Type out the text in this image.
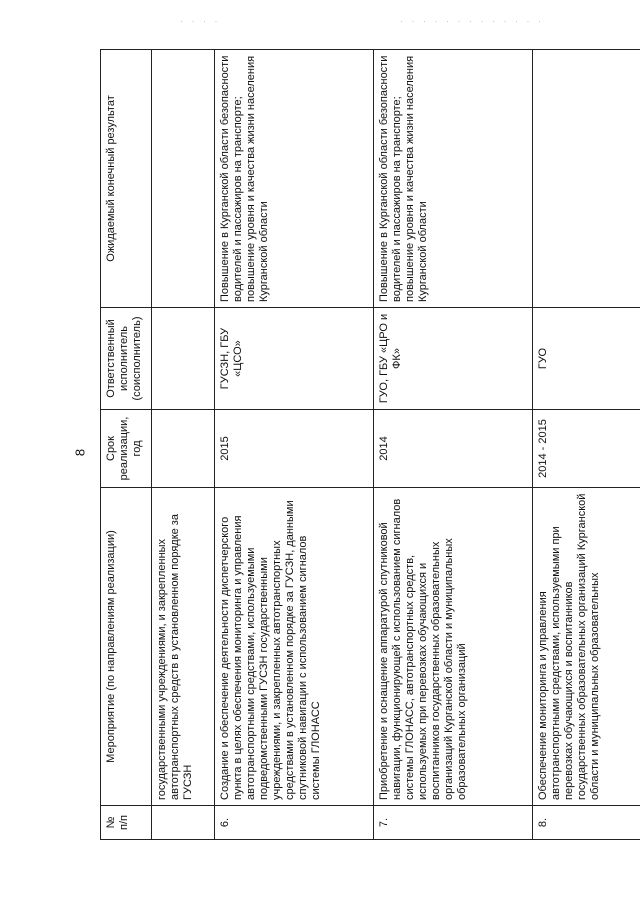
· · · ·	· · · · · · · · · · · · ·
8
№ п/п	Мероприятие (по направлениям реализации)	Срок реализации, год	Ответственный исполнитель (соисполнитель)	Ожидаемый конечный результат
	государственными учреждениями, и закрепленных автотранспортных средств в установленном порядке за ГУСЗН			
6.	Создание и обеспечение деятельности диспетчерского пункта в целях обеспечения мониторинга и управления автотранспортными средствами, используемыми подведомственными ГУСЗН государственными учреждениями, и закрепленных автотранспортных средствами в установленном порядке за ГУСЗН, данными спутниковой навигации с использованием сигналов системы ГЛОНАСС	2015	ГУСЗН, ГБУ «ЦСО»	Повышение в Курганской области безопасности водителей и пассажиров на транспорте; повышение уровня и качества жизни населения Курганской области
7.	Приобретение и оснащение аппаратурой спутниковой навигации, функционирующей с использованием сигналов системы ГЛОНАСС, автотранспортных средств, используемых при перевозках обучающихся и воспитанников государственных образовательных организаций Курганской области и муниципальных образовательных организаций	2014	ГУО, ГБУ «ЦРО и ФК»	Повышение в Курганской области безопасности водителей и пассажиров на транспорте; повышение уровня и качества жизни населения Курганской области
8.	Обеспечение мониторинга и управления автотранспортными средствами, используемыми при перевозках обучающихся и воспитанников государственных образовательных организаций Курганской области и муниципальных образовательных	2014 - 2015	ГУО	
